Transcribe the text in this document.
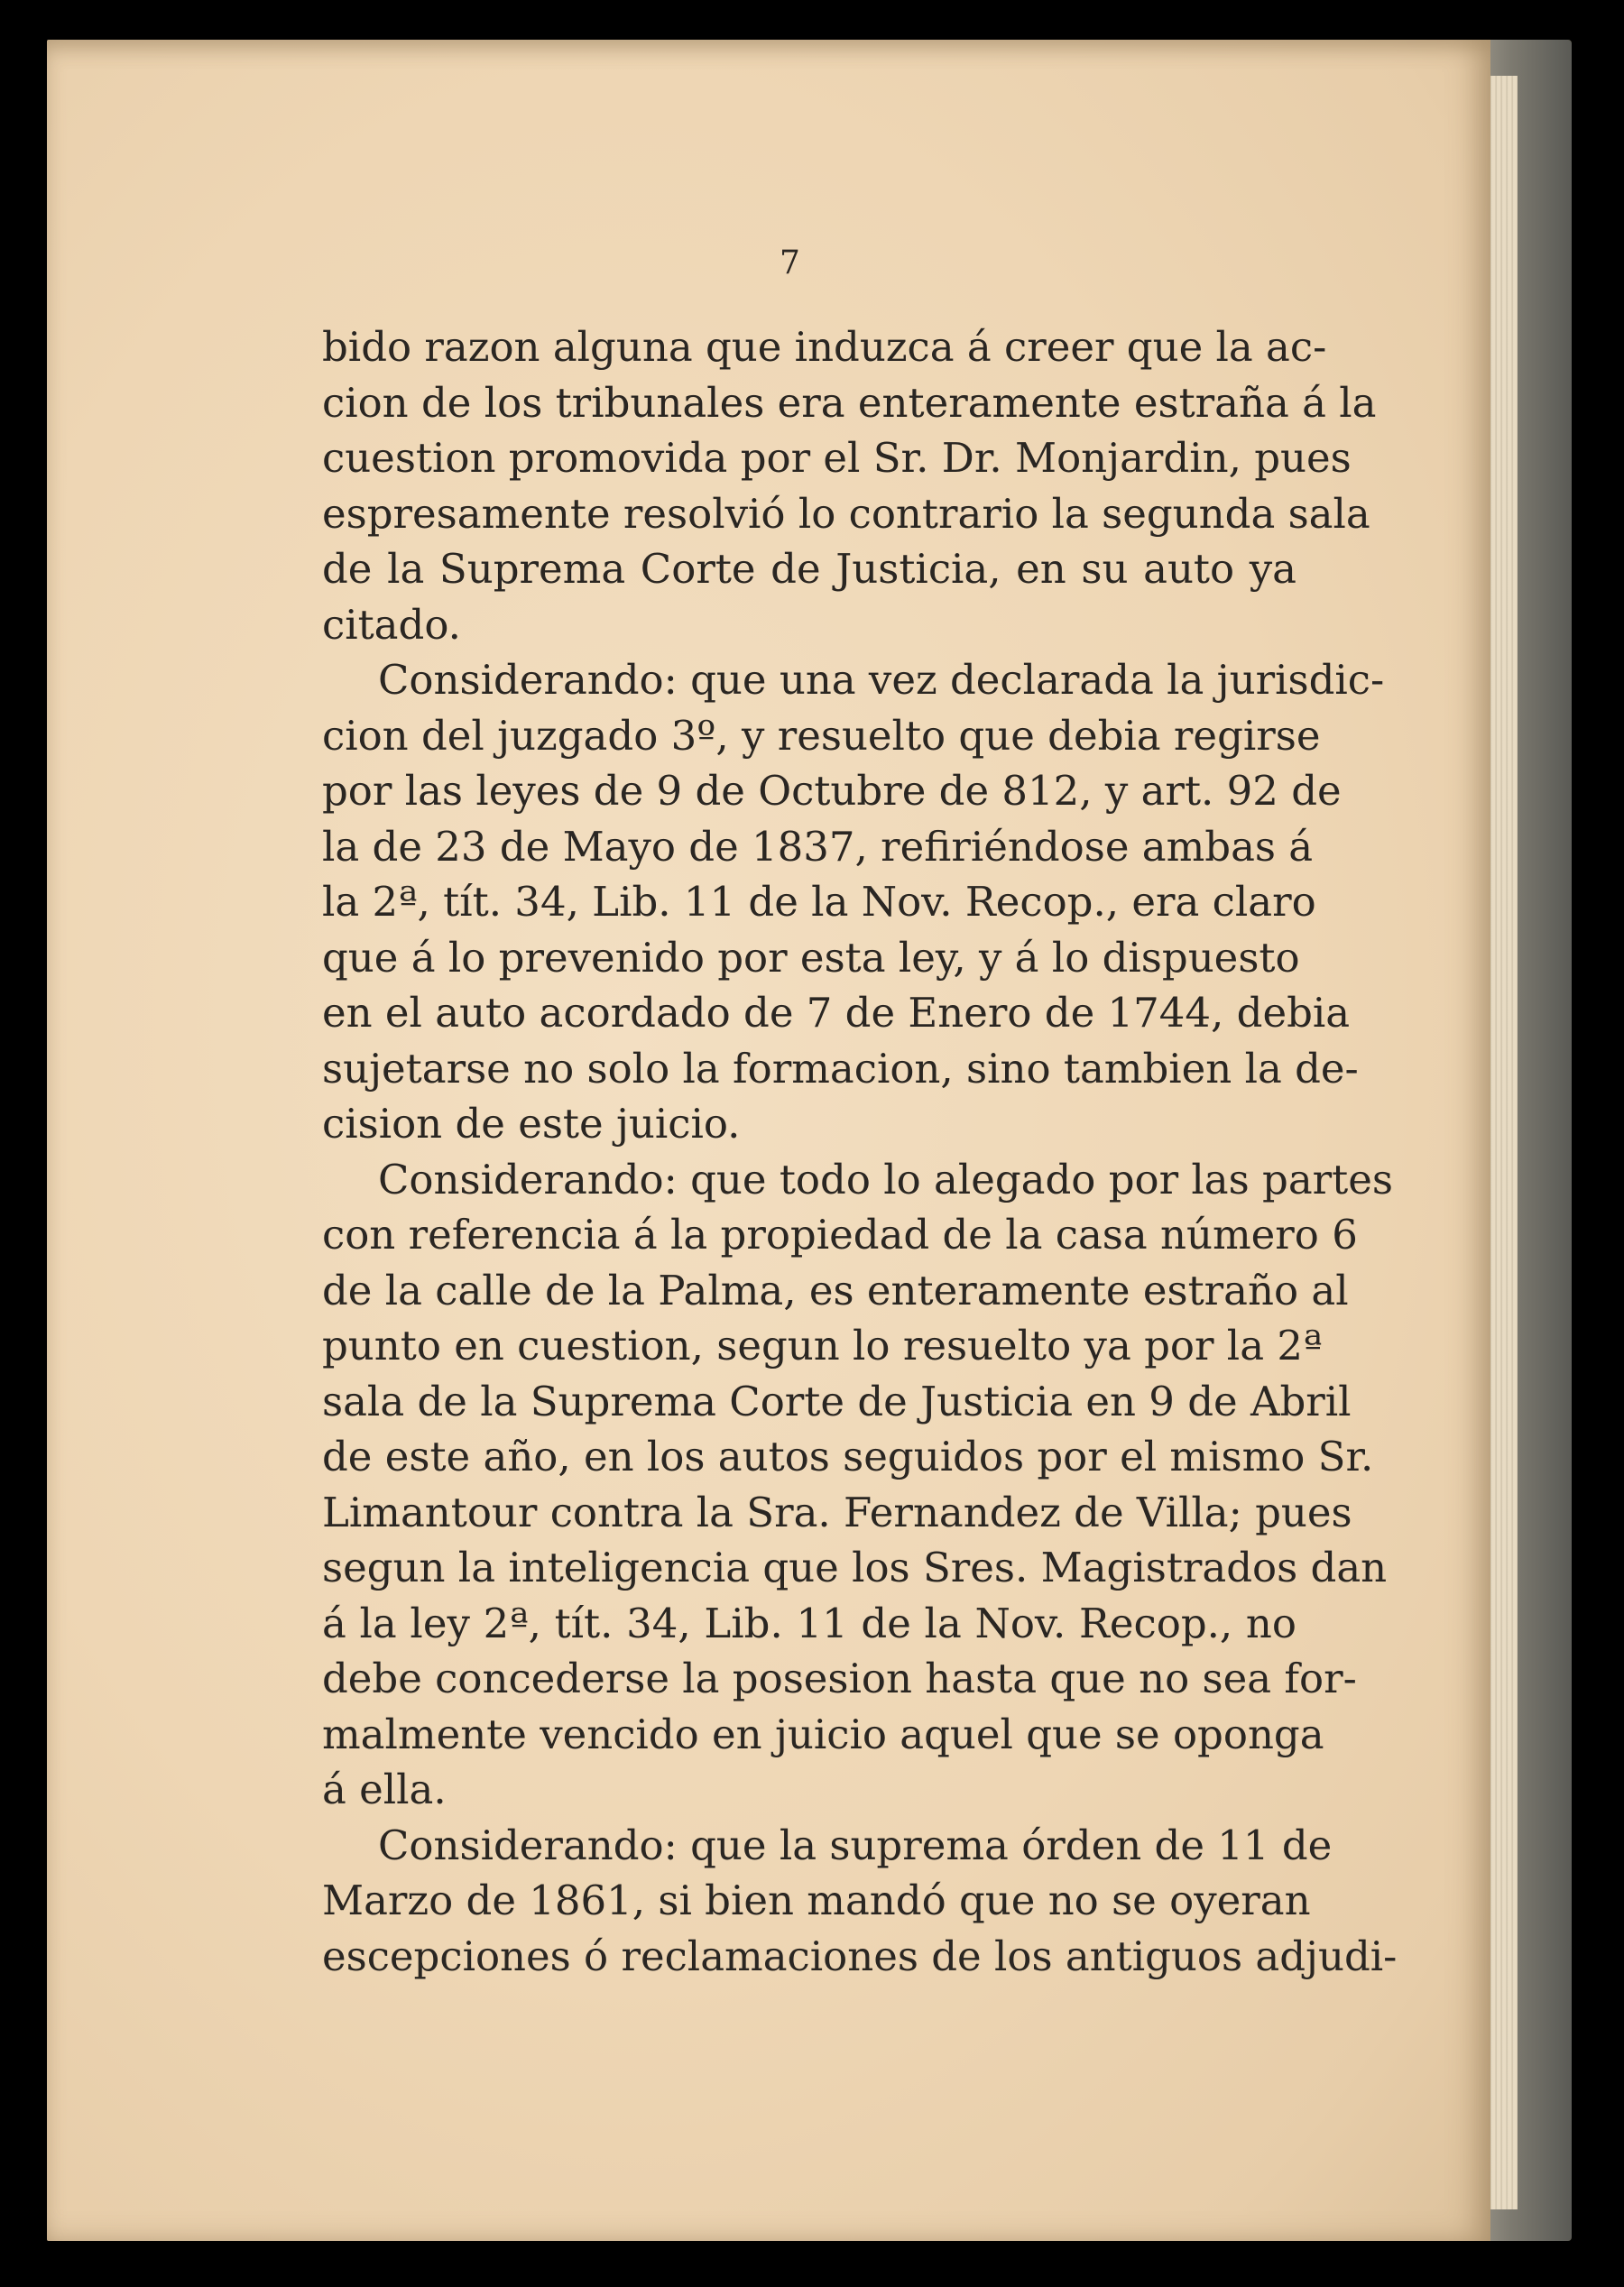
7
bido razon alguna que induzca á creer que la ac-
cion de los tribunales era enteramente estraña á la
cuestion promovida por el Sr. Dr. Monjardin, pues
espresamente resolvió lo contrario la segunda sala
de la Suprema Corte de Justicia, en su auto ya
citado.
Considerando: que una vez declarada la jurisdic-
cion del juzgado 3º, y resuelto que debia regirse
por las leyes de 9 de Octubre de 812, y art. 92 de
la de 23 de Mayo de 1837, refiriéndose ambas á
la 2ª, tít. 34, Lib. 11 de la Nov. Recop., era claro
que á lo prevenido por esta ley, y á lo dispuesto
en el auto acordado de 7 de Enero de 1744, debia
sujetarse no solo la formacion, sino tambien la de-
cision de este juicio.
Considerando: que todo lo alegado por las partes
con referencia á la propiedad de la casa número 6
de la calle de la Palma, es enteramente estraño al
punto en cuestion, segun lo resuelto ya por la 2ª
sala de la Suprema Corte de Justicia en 9 de Abril
de este año, en los autos seguidos por el mismo Sr.
Limantour contra la Sra. Fernandez de Villa; pues
segun la inteligencia que los Sres. Magistrados dan
á la ley 2ª, tít. 34, Lib. 11 de la Nov. Recop., no
debe concederse la posesion hasta que no sea for-
malmente vencido en juicio aquel que se oponga
á ella.
Considerando: que la suprema órden de 11 de
Marzo de 1861, si bien mandó que no se oyeran
escepciones ó reclamaciones de los antiguos adjudi-
